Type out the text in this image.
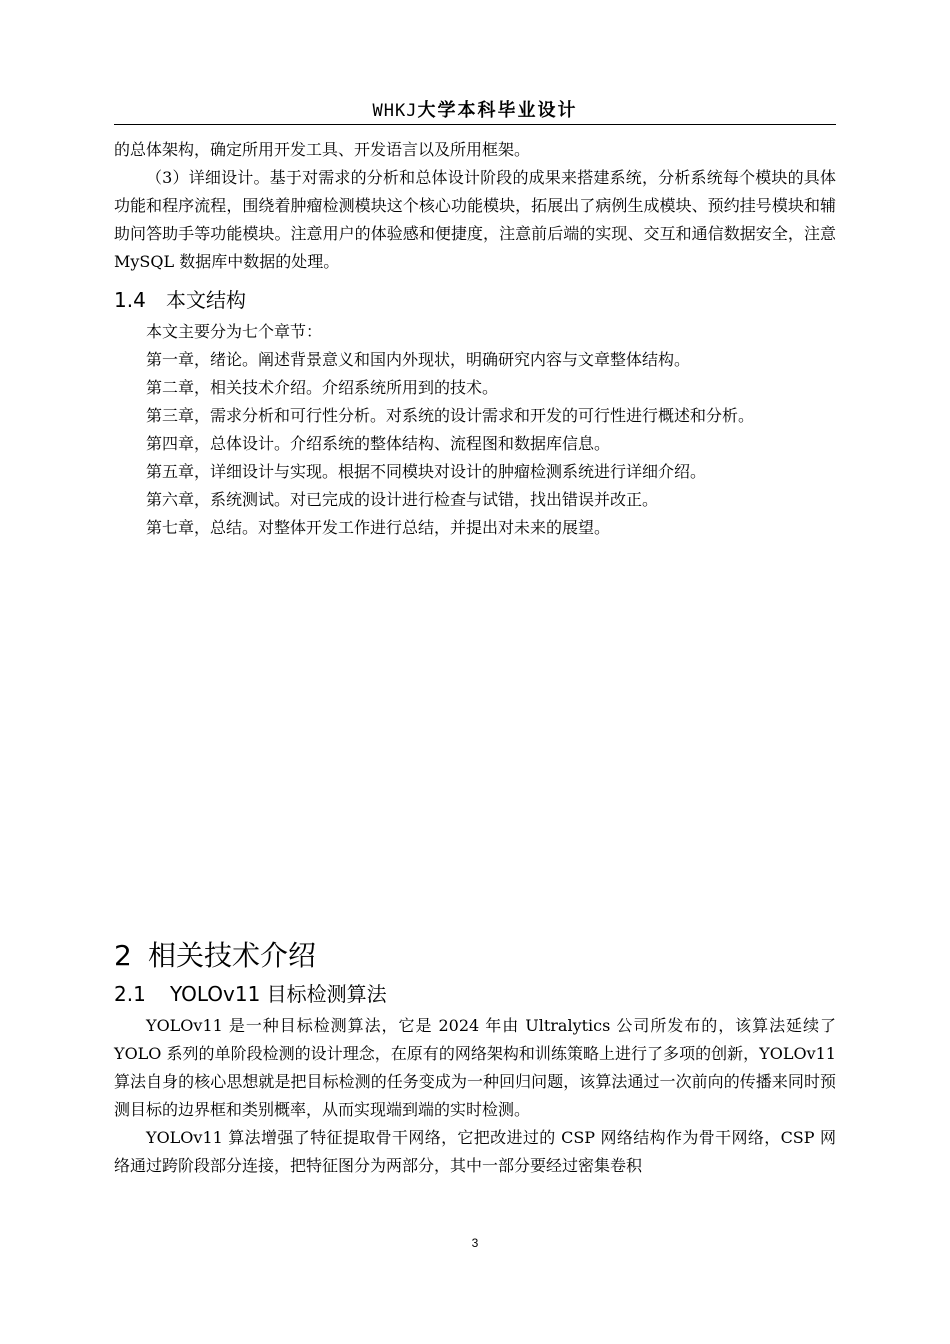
WHKJ大学本科毕业设计

的总体架构，确定所用开发工具、开发语言以及所用框架。

（3）详细设计。基于对需求的分析和总体设计阶段的成果来搭建系统，分析系统每个模块的具体功能和程序流程，围绕着肿瘤检测模块这个核心功能模块，拓展出了病例生成模块、预约挂号模块和辅助问答助手等功能模块。注意用户的体验感和便捷度，注意前后端的实现、交互和通信数据安全，注意 MySQL 数据库中数据的处理。

1.4 本文结构

本文主要分为七个章节：

第一章，绪论。阐述背景意义和国内外现状，明确研究内容与文章整体结构。

第二章，相关技术介绍。介绍系统所用到的技术。

第三章，需求分析和可行性分析。对系统的设计需求和开发的可行性进行概述和分析。

第四章，总体设计。介绍系统的整体结构、流程图和数据库信息。

第五章，详细设计与实现。根据不同模块对设计的肿瘤检测系统进行详细介绍。

第六章，系统测试。对已完成的设计进行检查与试错，找出错误并改正。

第七章，总结。对整体开发工作进行总结，并提出对未来的展望。

2 相关技术介绍
2.1 YOLOv11 目标检测算法

YOLOv11 是一种目标检测算法，它是 2024 年由 Ultralytics 公司所发布的，该算法延续了 YOLO 系列的单阶段检测的设计理念，在原有的网络架构和训练策略上进行了多项的创新，YOLOv11 算法自身的核心思想就是把目标检测的任务变成为一种回归问题，该算法通过一次前向的传播来同时预测目标的边界框和类别概率，从而实现端到端的实时检测。

YOLOv11 算法增强了特征提取骨干网络，它把改进过的 CSP 网络结构作为骨干网络，CSP 网络通过跨阶段部分连接，把特征图分为两部分，其中一部分要经过密集卷积

3
